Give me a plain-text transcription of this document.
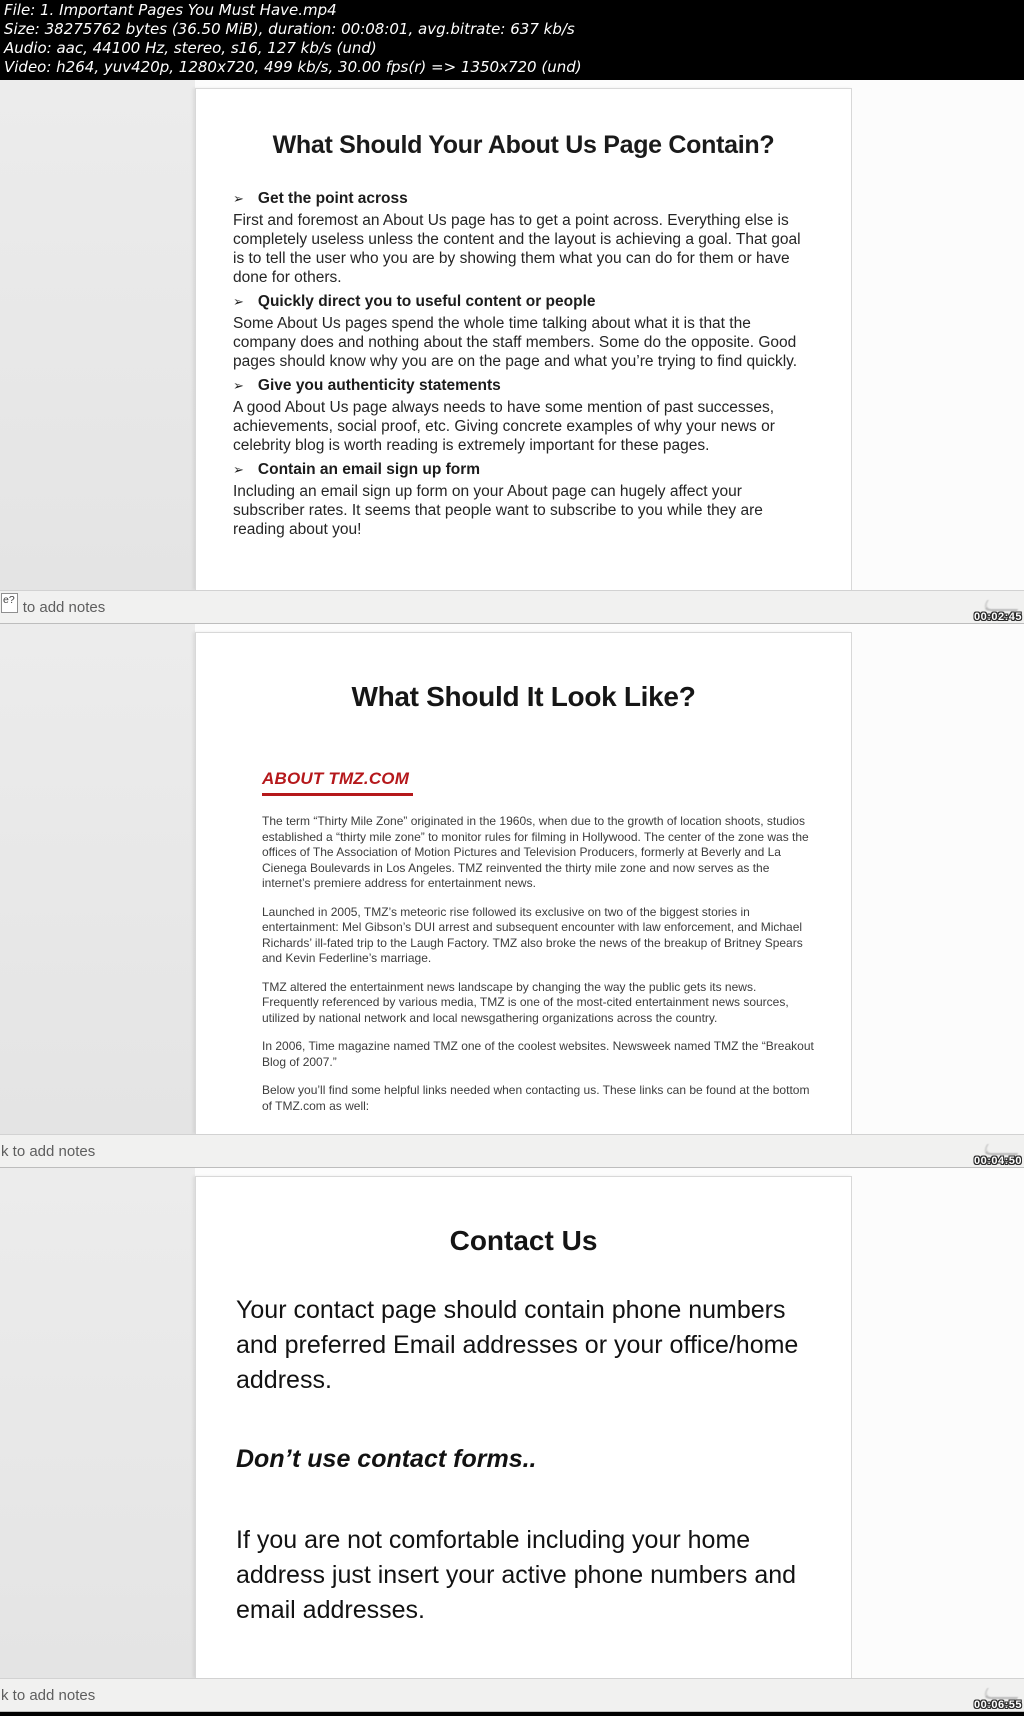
File: 1. Important Pages You Must Have.mp4
Size: 38275762 bytes (36.50 MiB), duration: 00:08:01, avg.bitrate: 637 kb/s
Audio: aac, 44100 Hz, stereo, s16, 127 kb/s (und)
Video: h264, yuv420p, 1280x720, 499 kb/s, 30.00 fps(r) => 1350x720 (und)
What Should Your About Us Page Contain?
➢ Get the point across

First and foremost an About Us page has to get a point across. Everything else is completely useless unless the content and the layout is achieving a goal. That goal is to tell the user who you are by showing them what you can do for them or have done for others.

➢ Quickly direct you to useful content or people

Some About Us pages spend the whole time talking about what it is that the company does and nothing about the staff members. Some do the opposite. Good pages should know why you are on the page and what you’re trying to find quickly.

➢ Give you authenticity statements

A good About Us page always needs to have some mention of past successes, achievements, social proof, etc. Giving concrete examples of why your news or celebrity blog is worth reading is extremely important for these pages.

➢ Contain an email sign up form

Including an email sign up form on your About page can hugely affect your subscriber rates. It seems that people want to subscribe to you while they are reading about you!

e? to add notes
00:02:45
What Should It Look Like?
ABOUT TMZ.COM

The term “Thirty Mile Zone” originated in the 1960s, when due to the growth of location shoots, studios established a “thirty mile zone” to monitor rules for filming in Hollywood. The center of the zone was the offices of The Association of Motion Pictures and Television Producers, formerly at Beverly and La Cienega Boulevards in Los Angeles. TMZ reinvented the thirty mile zone and now serves as the internet’s premiere address for entertainment news.

Launched in 2005, TMZ’s meteoric rise followed its exclusive on two of the biggest stories in entertainment: Mel Gibson’s DUI arrest and subsequent encounter with law enforcement, and Michael Richards’ ill-fated trip to the Laugh Factory. TMZ also broke the news of the breakup of Britney Spears and Kevin Federline’s marriage.

TMZ altered the entertainment news landscape by changing the way the public gets its news. Frequently referenced by various media, TMZ is one of the most-cited entertainment news sources, utilized by national network and local newsgathering organizations across the country.

In 2006, Time magazine named TMZ one of the coolest websites. Newsweek named TMZ the “Breakout Blog of 2007.”

Below you’ll find some helpful links needed when contacting us. These links can be found at the bottom of TMZ.com as well:

k to add notes
00:04:50
Contact Us

Your contact page should contain phone numbers and preferred Email addresses or your office/home address.

Don’t use contact forms..

If you are not comfortable including your home address just insert your active phone numbers and email addresses.

k to add notes
00:06:55
